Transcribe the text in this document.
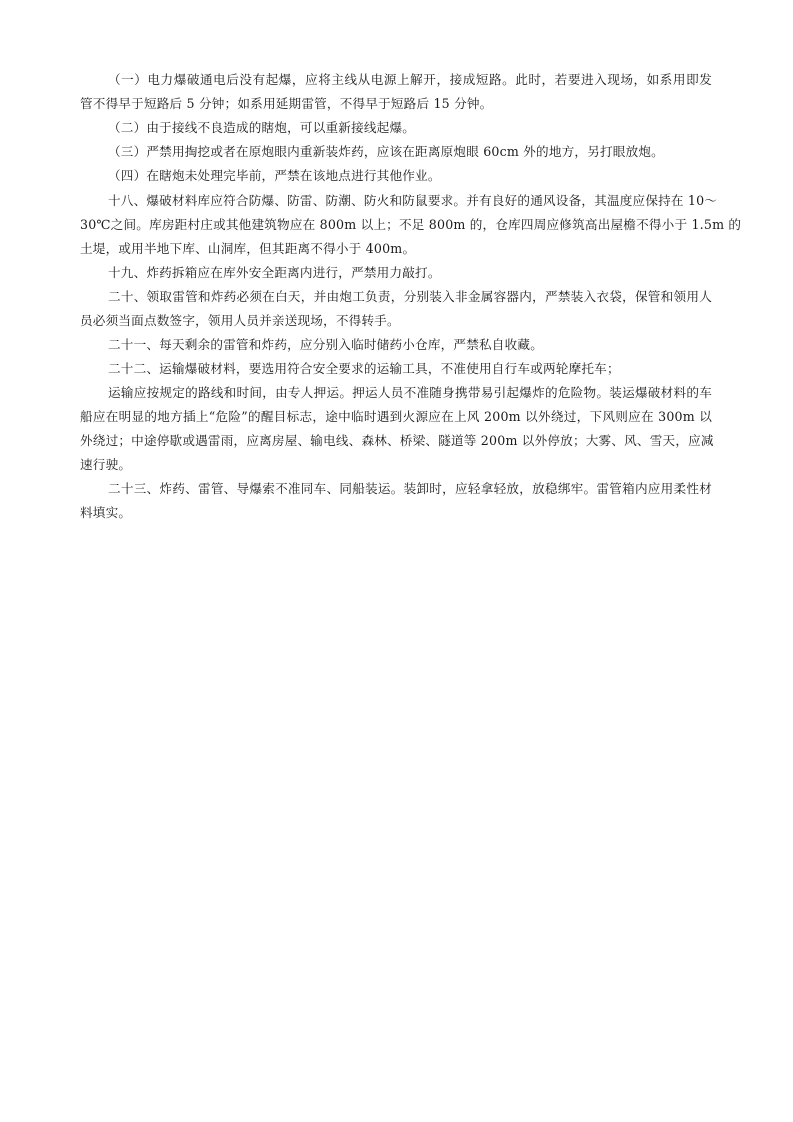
（一）电力爆破通电后没有起爆，应将主线从电源上解开，接成短路。此时，若要进入现场，如系用即发
管不得早于短路后 5 分钟；如系用延期雷管，不得早于短路后 15 分钟。
（二）由于接线不良造成的瞎炮，可以重新接线起爆。
（三）严禁用掏挖或者在原炮眼内重新装炸药，应该在距离原炮眼 60cm 外的地方，另打眼放炮。
（四）在瞎炮未处理完毕前，严禁在该地点进行其他作业。
十八、爆破材料库应符合防爆、防雷、防潮、防火和防鼠要求。并有良好的通风设备，其温度应保持在 10～
30℃之间。库房距村庄或其他建筑物应在 800m 以上；不足 800m 的，仓库四周应修筑高出屋檐不得小于 1.5m 的
土堤，或用半地下库、山洞库，但其距离不得小于 400m。
十九、炸药拆箱应在库外安全距离内进行，严禁用力敲打。
二十、领取雷管和炸药必须在白天，并由炮工负责，分别装入非金属容器内，严禁装入衣袋，保管和领用人
员必须当面点数签字，领用人员并亲送现场，不得转手。
二十一、每天剩余的雷管和炸药，应分别入临时储药小仓库，严禁私自收藏。
二十二、运输爆破材料，要选用符合安全要求的运输工具，不准使用自行车或两轮摩托车；
运输应按规定的路线和时间，由专人押运。押运人员不准随身携带易引起爆炸的危险物。装运爆破材料的车
船应在明显的地方插上“危险”的醒目标志，途中临时遇到火源应在上风 200m 以外绕过，下风则应在 300m 以
外绕过；中途停歇或遇雷雨，应离房屋、输电线、森林、桥梁、隧道等 200m 以外停放；大雾、风、雪天，应减
速行驶。
二十三、炸药、雷管、导爆索不准同车、同船装运。装卸时，应轻拿轻放，放稳绑牢。雷管箱内应用柔性材
料填实。
